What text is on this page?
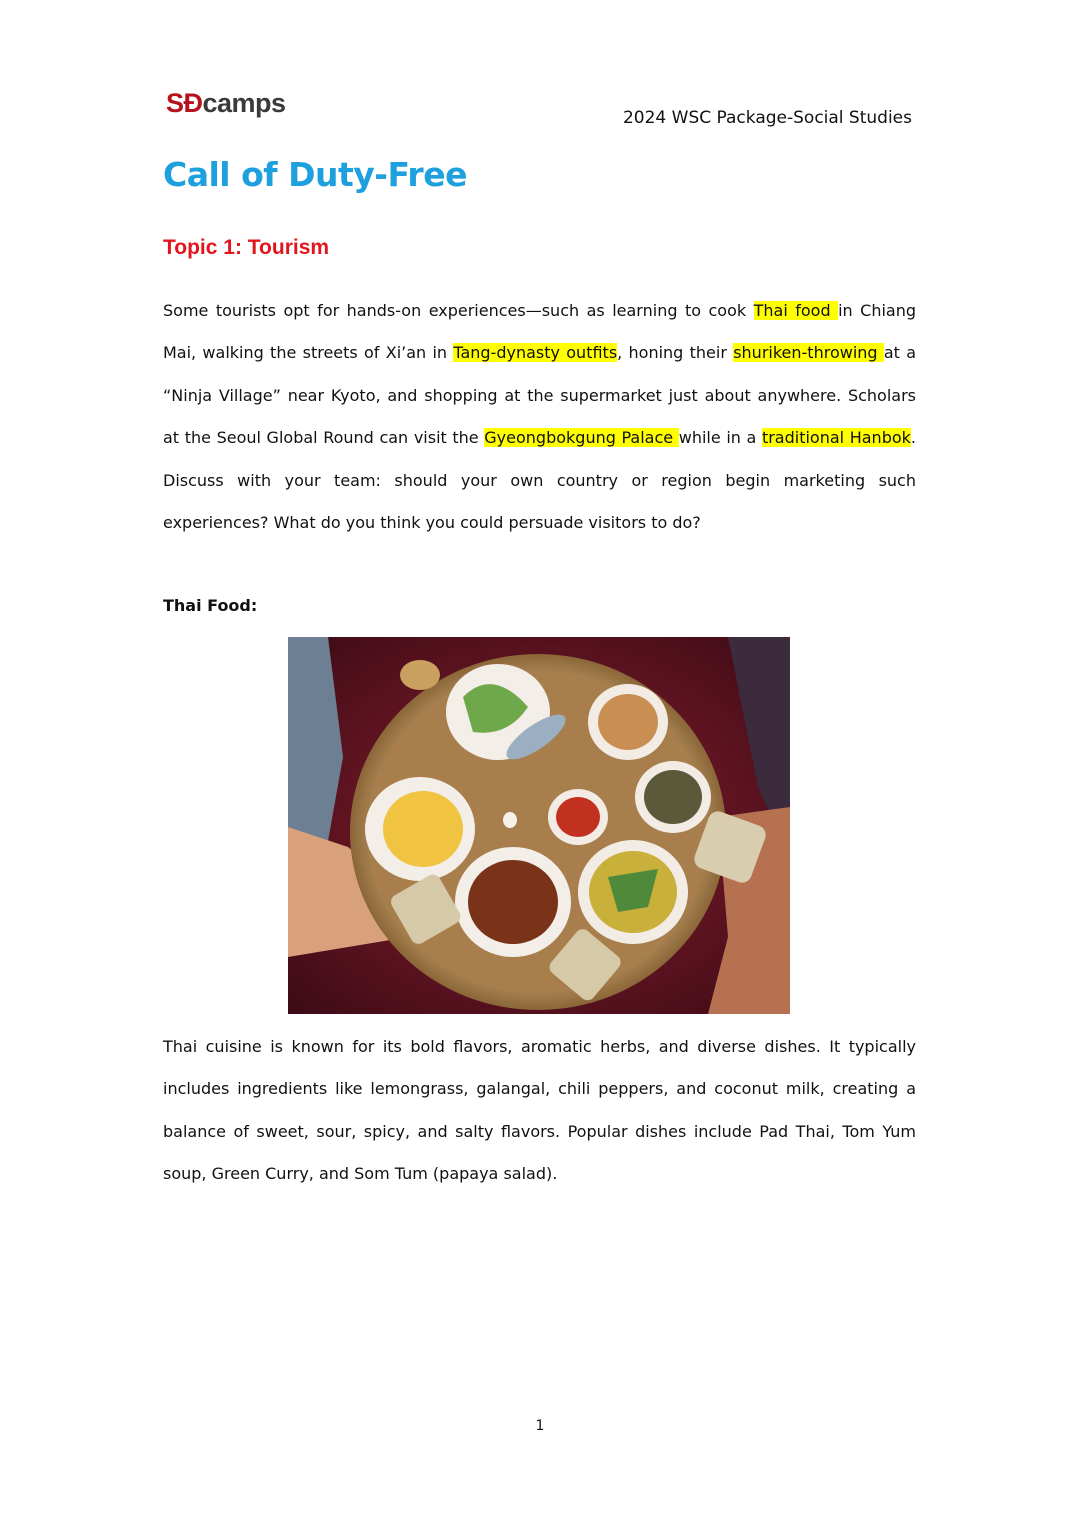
SĐcamps	2024 WSC Package-Social Studies
Call of Duty-Free
Topic 1: Tourism

Some tourists opt for hands-on experiences—such as learning to cook Thai food in Chiang Mai, walking the streets of Xi’an in Tang-dynasty outfits, honing their shuriken-throwing at a “Ninja Village” near Kyoto, and shopping at the supermarket just about anywhere. Scholars at the Seoul Global Round can visit the Gyeongbokgung Palace while in a traditional Hanbok. Discuss with your team: should your own country or region begin marketing such experiences? What do you think you could persuade visitors to do?

Thai Food:

Thai cuisine is known for its bold flavors, aromatic herbs, and diverse dishes. It typically includes ingredients like lemongrass, galangal, chili peppers, and coconut milk, creating a balance of sweet, sour, spicy, and salty flavors. Popular dishes include Pad Thai, Tom Yum soup, Green Curry, and Som Tum (papaya salad).

1
